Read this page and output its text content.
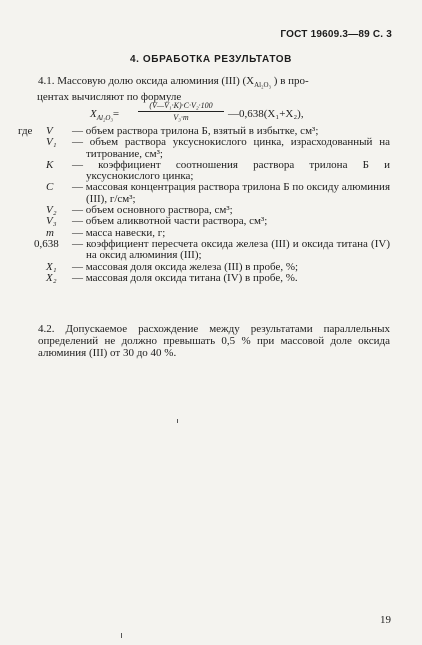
ГОСТ 19609.3—89 С. 3
4. ОБРАБОТКА РЕЗУЛЬТАТОВ
4.1. Массовую долю оксида алюминия (III) ($X_{Al_2O_3}$ ) в про-
центах вычисляют по формуле
$X_{Al_2O_3}= \frac{\text{(V—V₁·K)·C·V₂·100}}{\text{V₃·m}}$ —0,638(X₁+X₂),
где V	— объем раствора трилона Б, взятый в избытке, см³;
V₁	— объем раствора уксуснокислого цинка, израсходованный на титрование, см³;
K	— коэффициент соотношения раствора трилона Б и уксуснокислого цинка;
C	— массовая концентрация раствора трилона Б по оксиду алюминия (III), г/см³;
V₂	— объем основного раствора, см³;
V₃	— объем аликвотной части раствора, см³;
m	— масса навески, г;
0,638 — коэффициент пересчета оксида железа (III) и оксида титана (IV) на оксид алюминия (III);
X₁	— массовая доля оксида железа (III) в пробе, %;
X₂	— массовая доля оксида титана (IV) в пробе, %.
4.2. Допускаемое расхождение между результатами параллельных определений не должно превышать 0,5 % при массовой доле оксида алюминия (III) от 30 до 40 %.
19
